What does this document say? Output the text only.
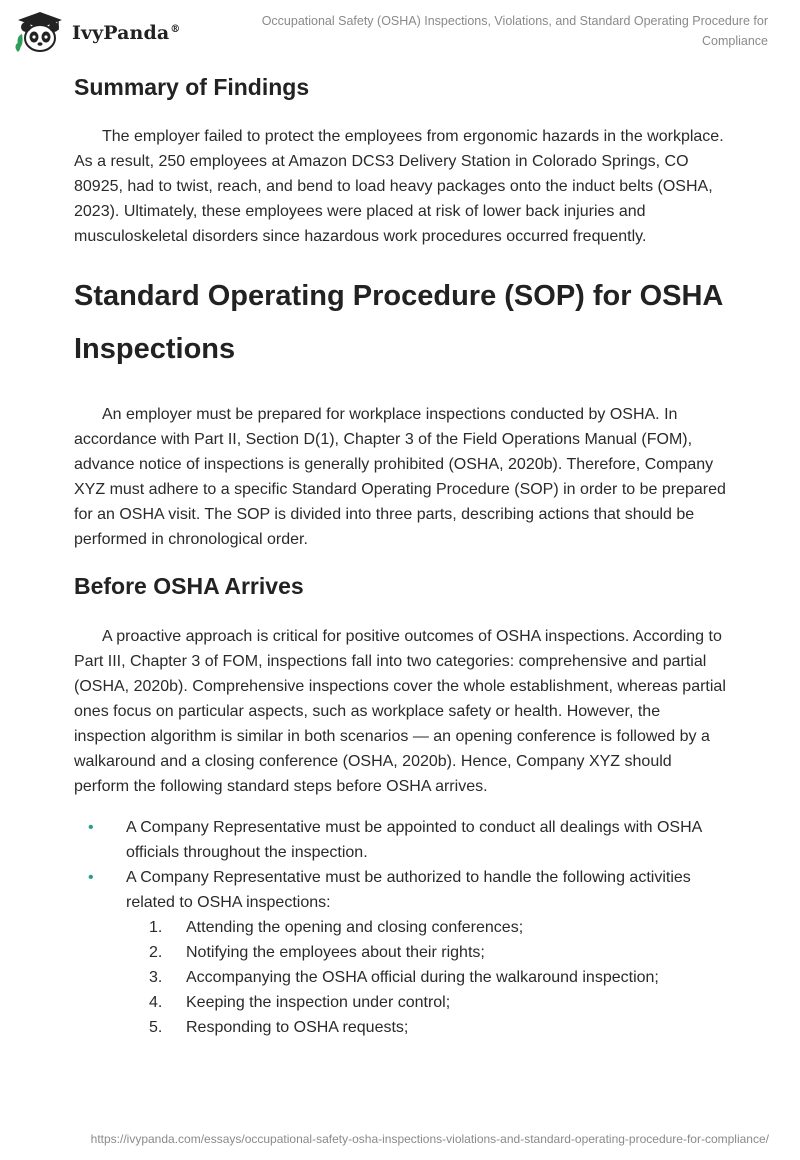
IvyPanda®
Occupational Safety (OSHA) Inspections, Violations, and Standard Operating Procedure for Compliance
Summary of Findings

The employer failed to protect the employees from ergonomic hazards in the workplace. As a result, 250 employees at Amazon DCS3 Delivery Station in Colorado Springs, CO 80925, had to twist, reach, and bend to load heavy packages onto the induct belts (OSHA, 2023). Ultimately, these employees were placed at risk of lower back injuries and musculoskeletal disorders since hazardous work procedures occurred frequently.

Standard Operating Procedure (SOP) for OSHA Inspections

An employer must be prepared for workplace inspections conducted by OSHA. In accordance with Part II, Section D(1), Chapter 3 of the Field Operations Manual (FOM), advance notice of inspections is generally prohibited (OSHA, 2020b). Therefore, Company XYZ must adhere to a specific Standard Operating Procedure (SOP) in order to be prepared for an OSHA visit. The SOP is divided into three parts, describing actions that should be performed in chronological order.

Before OSHA Arrives

A proactive approach is critical for positive outcomes of OSHA inspections. According to Part III, Chapter 3 of FOM, inspections fall into two categories: comprehensive and partial (OSHA, 2020b). Comprehensive inspections cover the whole establishment, whereas partial ones focus on particular aspects, such as workplace safety or health. However, the inspection algorithm is similar in both scenarios — an opening conference is followed by a walkaround and a closing conference (OSHA, 2020b). Hence, Company XYZ should perform the following standard steps before OSHA arrives.

• A Company Representative must be appointed to conduct all dealings with OSHA officials throughout the inspection.
• A Company Representative must be authorized to handle the following activities related to OSHA inspections:
1. Attending the opening and closing conferences;
2. Notifying the employees about their rights;
3. Accompanying the OSHA official during the walkaround inspection;
4. Keeping the inspection under control;
5. Responding to OSHA requests;
https://ivypanda.com/essays/occupational-safety-osha-inspections-violations-and-standard-operating-procedure-for-compliance/
